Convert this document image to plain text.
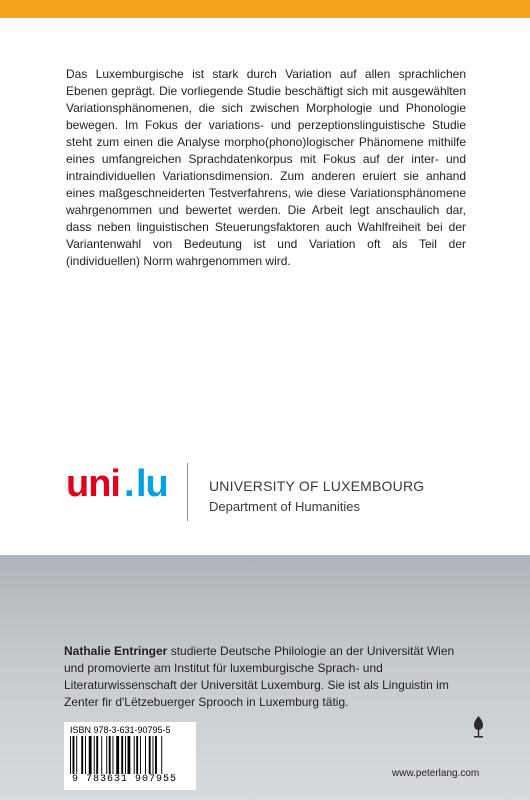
Das Luxemburgische ist stark durch Variation auf allen sprachlichen Ebenen geprägt. Die vorliegende Studie beschäftigt sich mit ausgewählten Variationsphänomenen, die sich zwischen Morphologie und Phonologie bewegen. Im Fokus der variations- und perzeptionslinguistische Studie steht zum einen die Analyse morpho(phono)logischer Phänomene mithilfe eines umfangreichen Sprachdatenkorpus mit Fokus auf der inter- und intraindividuellen Variationsdimension. Zum anderen eruiert sie anhand eines maßgeschneiderten Testverfahrens, wie diese Variationsphänomene wahrgenommen und bewertet werden. Die Arbeit legt anschaulich dar, dass neben linguistischen Steuerungsfaktoren auch Wahlfreiheit bei der Variantenwahl von Bedeutung ist und Variation oft als Teil der (individuellen) Norm wahrgenommen wird.

uni . lu	UNIVERSITY OF LUXEMBOURG

Department of Humanities

Nathalie Entringer studierte Deutsche Philologie an der Universität Wien und promovierte am Institut für luxemburgische Sprach- und Literaturwissenschaft der Universität Luxemburg. Sie ist als Linguistin im Zenter fir d'Lëtzebuerger Sprooch in Luxemburg tätig.

ISBN 978-3-631-90795-5
9 783631 907955
www.peterlang.com
